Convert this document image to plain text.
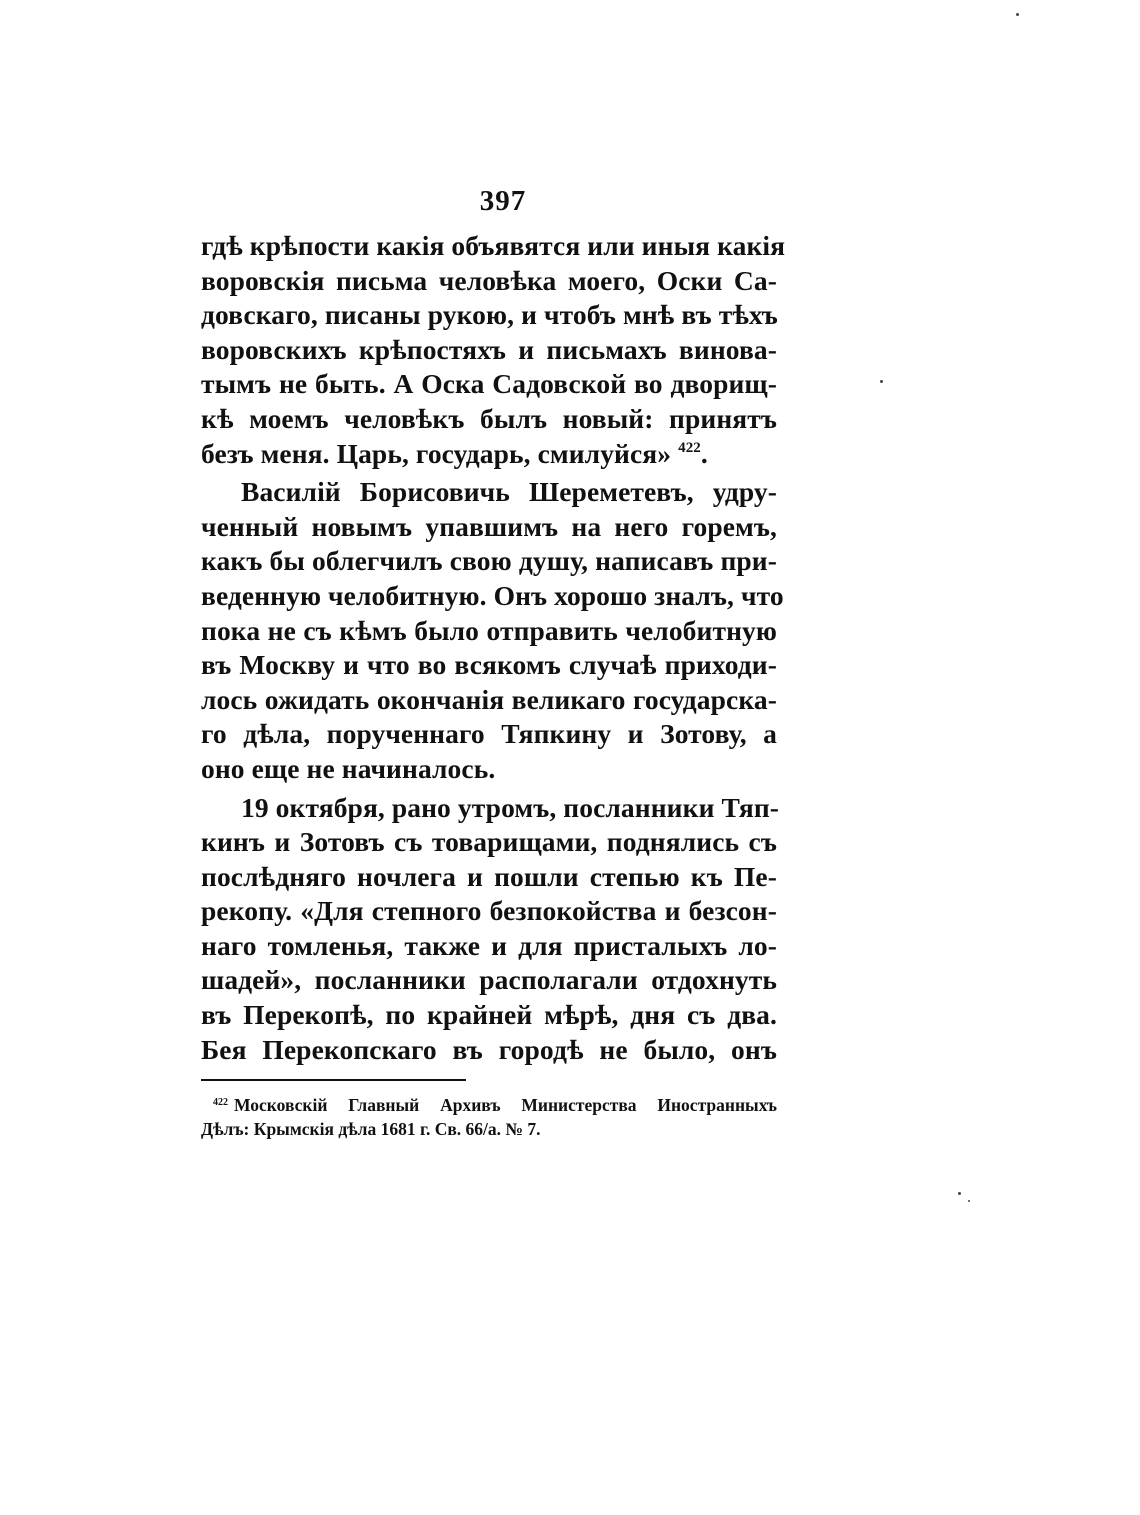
397
гдѣ крѣпости какія объявятся или иныя какія
воровскія письма человѣка моего, Оски Са-
довскаго, писаны рукою, и чтобъ мнѣ въ тѣхъ
воровскихъ крѣпостяхъ и письмахъ винова-
тымъ не быть. А Оска Садовской во дворищ-
кѣ моемъ человѣкъ былъ новый: принятъ
безъ меня. Царь, государь, смилуйся» $^{422}$.
Василій Борисовичь Шереметевъ, удру-
ченный новымъ упавшимъ на него горемъ,
какъ бы облегчилъ свою душу, написавъ при-
веденную челобитную. Онъ хорошо зналъ, что
пока не съ кѣмъ было отправить челобитную
въ Москву и что во всякомъ случаѣ приходи-
лось ожидать окончанія великаго государска-
го дѣла, порученнаго Тяпкину и Зотову, а
оно еще не начиналось.
19 октября, рано утромъ, посланники Тяп-
кинъ и Зотовъ съ товарищами, поднялись съ
послѣдняго ночлега и пошли степью къ Пе-
рекопу. «Для степного безпокойства и безсон-
наго томленья, также и для присталыхъ ло-
шадей», посланники располагали отдохнуть
въ Перекопѣ, по крайней мѣрѣ, дня съ два.
Бея Перекопскаго въ городѣ не было, онъ
$^{422}$ Московскій Главный Архивъ Министерства Иностранныхъ
Дѣлъ: Крымскія дѣла 1681 г. Св. 66/а. № 7.
